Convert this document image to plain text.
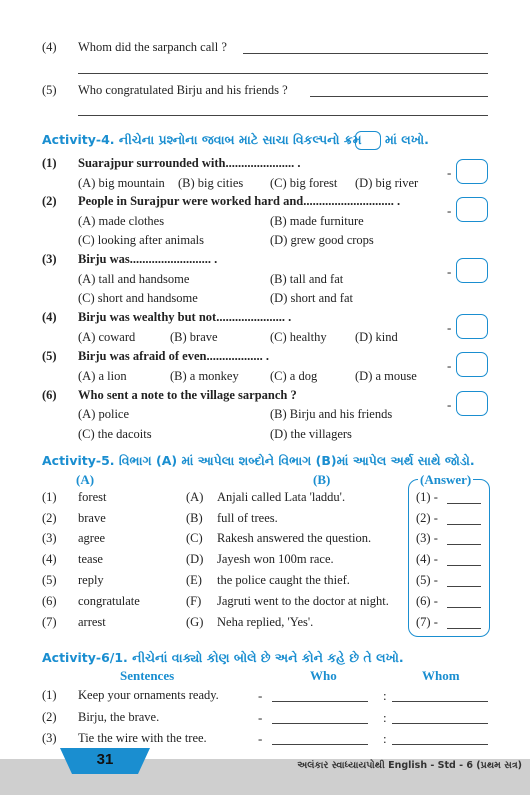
(4) Whom did the sarpanch call ?
(5) Who congratulated Birju and his friends ?
Activity-4. નીચેના પ્રશ્નોના જવાબ માટે સાચા વિકલ્પનો ક્રમ માં લખો.
(1) Suarajpur surrounded with...................... .
(A) big mountain (B) big cities (C) big forest (D) big river
-
(2) People in Surajpur were worked hard and............................. .
(A) made clothes	(B) made furniture
(C) looking after animals	(D) grew good crops
-
(3) Birju was.......................... .
(A) tall and handsome	(B) tall and fat
(C) short and handsome	(D) short and fat
-
(4) Birju was wealthy but not...................... .
(A) coward	(B) brave	(C) healthy (D) kind
-
(5) Birju was afraid of even.................. .
(A) a lion	(B) a monkey	(C) a dog	(D) a mouse
-
(6) Who sent a note to the village sarpanch ?
(A) police	(B) Birju and his friends
(C) the dacoits	(D) the villagers
-
Activity-5. વિભાગ (A) માં આપેલા શબ્દોને વિભાગ (B)માં આપેલ અર્થ સાથે જોડો.
(A)	(B)	(Answer)
(1) forest	(A) Anjali called Lata 'laddu'.	(1) -
(2) brave	(B) full of trees.	(2) -
(3) agree	(C) Rakesh answered the question.	(3) -
(4) tease	(D) Jayesh won 100m race.	(4) -
(5) reply	(E) the police caught the thief.	(5) -
(6) congratulate	(F) Jagruti went to the doctor at night. (6) -
(7) arrest	(G) Neha replied, 'Yes'.	(7) -
Activity-6/1. નીચેનાં વાક્યો કોણ બોલે છે અને કોને કહે છે તે લખો.
Sentences	Who	Whom
(1) Keep your ornaments ready.	-	:
(2) Birju, the brave.	-	:
(3) Tie the wire with the tree.	-	:
31	અલંકાર સ્વાધ્યાયપોથી English - Std - 6 (પ્રથમ સત્ર)
